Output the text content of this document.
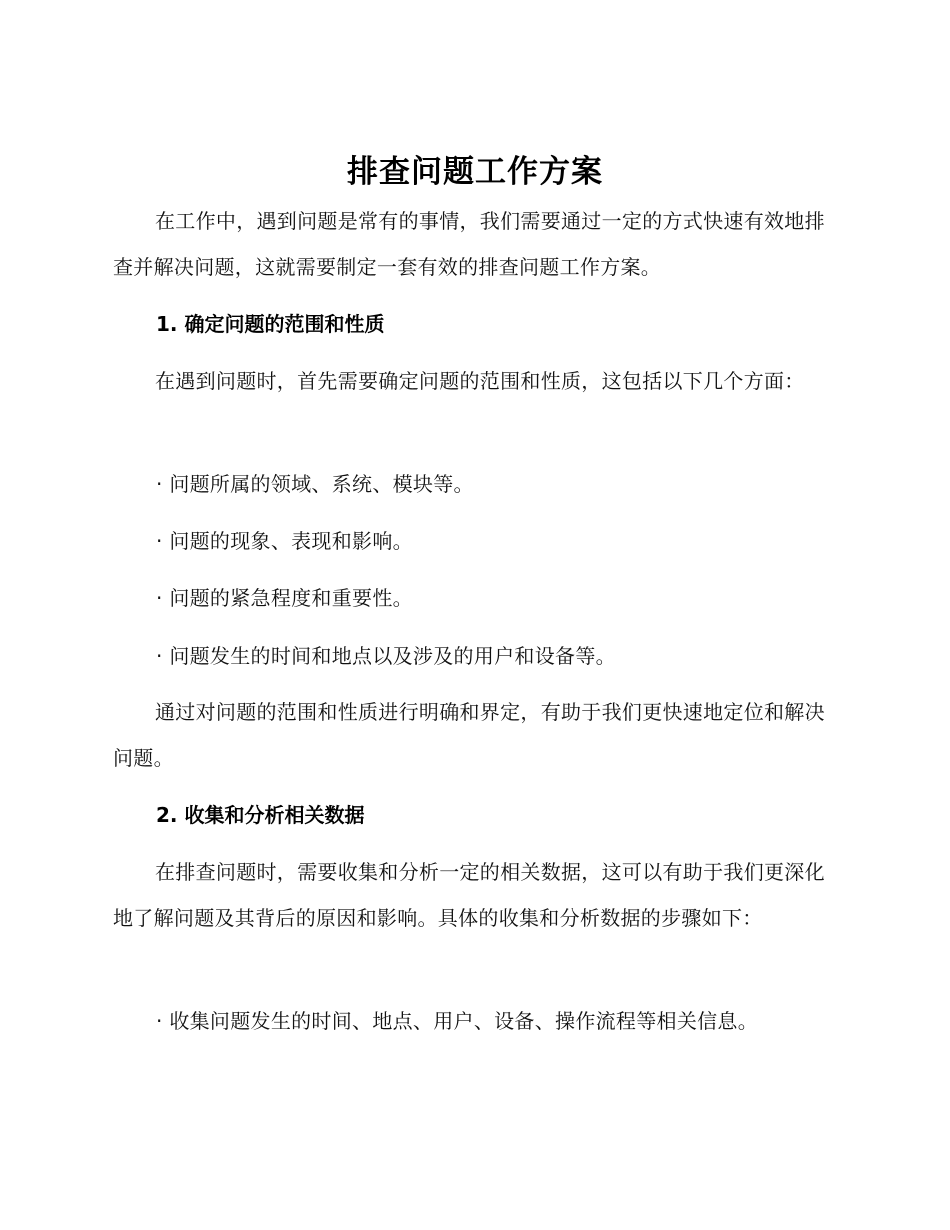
排查问题工作方案

在工作中，遇到问题是常有的事情，我们需要通过一定的方式快速有效地排查并解决问题，这就需要制定一套有效的排查问题工作方案。

1. 确定问题的范围和性质

在遇到问题时，首先需要确定问题的范围和性质，这包括以下几个方面：

· 问题所属的领域、系统、模块等。

· 问题的现象、表现和影响。

· 问题的紧急程度和重要性。

· 问题发生的时间和地点以及涉及的用户和设备等。

通过对问题的范围和性质进行明确和界定，有助于我们更快速地定位和解决问题。

2. 收集和分析相关数据

在排查问题时，需要收集和分析一定的相关数据，这可以有助于我们更深化地了解问题及其背后的原因和影响。具体的收集和分析数据的步骤如下：

· 收集问题发生的时间、地点、用户、设备、操作流程等相关信息。
